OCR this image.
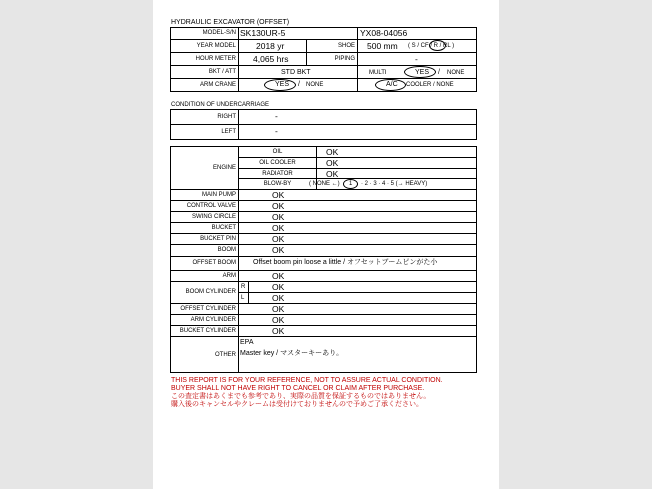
HYDRAULIC EXCAVATOR (OFFSET)
MODEL-S/N SK130UR-5	YX08-04056
YEAR MODEL 2018 yr	SHOE 500 mm ( S / CF / R / RL )
HOUR METER 4,065 hrs	PIPING	-
BKT / ATT	STD BKT	MULTI	YES / NONE
ARM CRANE	YES / NONE	A/C COOLER / NONE
CONDITION OF UNDERCARRIAGE
RIGHT	-
LEFT	-
ENGINE
OIL	OK
OIL COOLER	OK
RADIATOR	OK
BLOW-BY	( NONE ←) 1 · 2 · 3 · 4 · 5 (→ HEAVY)
MAIN PUMP	OK
CONTROL VALVE	OK
SWING CIRCLE	OK
BUCKET	OK
BUCKET PIN	OK
BOOM	OK
OFFSET BOOM Offset boom pin loose a little / オフセットブームピンがた小
ARM	OK
BOOM CYLINDER
R	OK
L	OK
OFFSET CYLINDER	OK
ARM CYLINDER	OK
BUCKET CYLINDER	OK
OTHER
EPA
Master key / マスターキーあり。
THIS REPORT IS FOR YOUR REFERENCE, NOT TO ASSURE ACTUAL CONDITION.
BUYER SHALL NOT HAVE RIGHT TO CANCEL OR CLAIM AFTER PURCHASE.
この査定書はあくまでも参考であり、実際の品質を保証するものではありません。
購入後のキャンセルやクレームは受付けておりませんので予めご了承ください。
